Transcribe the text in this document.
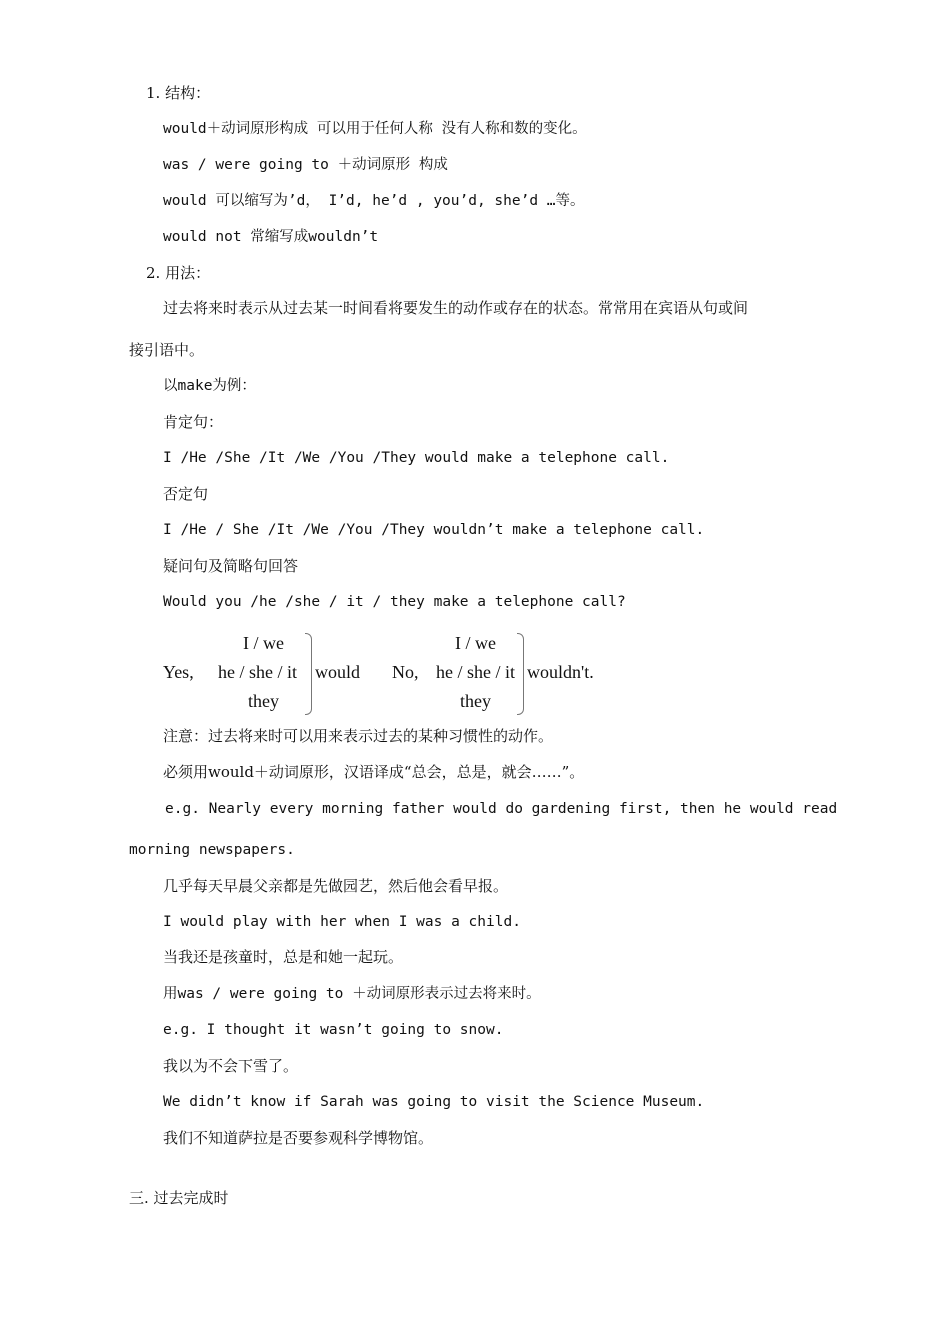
1. 结构：
would＋动词原形构成 可以用于任何人称 没有人称和数的变化。
was / were going to ＋动词原形 构成
would 可以缩写为’d， I’d, he’d , you’d, she’d …等。
would not 常缩写成wouldn’t
2. 用法：
过去将来时表示从过去某一时间看将要发生的动作或存在的状态。常常用在宾语从句或间
接引语中。
以make为例：
肯定句：
I /He /She /It /We /You /They would make a telephone call.
否定句
I /He / She /It /We /You /They wouldn’t make a telephone call.
疑问句及简略句回答
Would you /he /she / it / they make a telephone call?
Yes,
I / we
he / she / it
they
would No,
I / we
he / she / it
they
wouldn't.
注意：过去将来时可以用来表示过去的某种习惯性的动作。
必须用would＋动词原形，汉语译成“总会，总是，就会……”。
e.g. Nearly every morning father would do gardening first, then he would read
morning newspapers.
几乎每天早晨父亲都是先做园艺，然后他会看早报。
I would play with her when I was a child.
当我还是孩童时，总是和她一起玩。
用was / were going to ＋动词原形表示过去将来时。
e.g. I thought it wasn’t going to snow.
我以为不会下雪了。
We didn’t know if Sarah was going to visit the Science Museum.
我们不知道萨拉是否要参观科学博物馆。
三. 过去完成时
